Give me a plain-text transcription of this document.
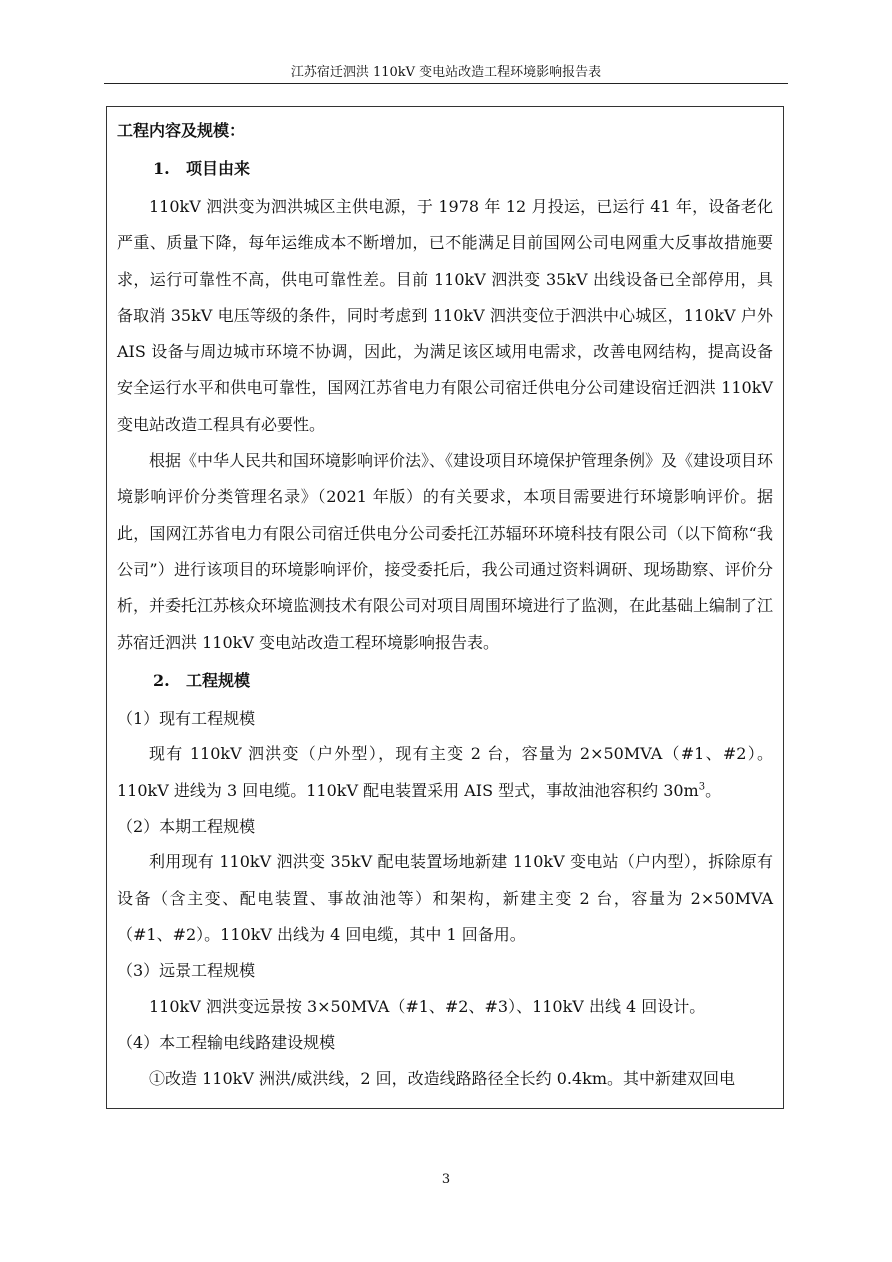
江苏宿迁泗洪 110kV 变电站改造工程环境影响报告表

工程内容及规模：

1. 项目由来

110kV 泗洪变为泗洪城区主供电源，于 1978 年 12 月投运，已运行 41 年，设备老化严重、质量下降，每年运维成本不断增加，已不能满足目前国网公司电网重大反事故措施要求，运行可靠性不高，供电可靠性差。目前 110kV 泗洪变 35kV 出线设备已全部停用，具备取消 35kV 电压等级的条件，同时考虑到 110kV 泗洪变位于泗洪中心城区，110kV 户外 AIS 设备与周边城市环境不协调，因此，为满足该区域用电需求，改善电网结构，提高设备安全运行水平和供电可靠性，国网江苏省电力有限公司宿迁供电分公司建设宿迁泗洪 110kV 变电站改造工程具有必要性。

根据《中华人民共和国环境影响评价法》、《建设项目环境保护管理条例》及《建设项目环境影响评价分类管理名录》（2021 年版）的有关要求，本项目需要进行环境影响评价。据此，国网江苏省电力有限公司宿迁供电分公司委托江苏辐环环境科技有限公司（以下简称“我公司”）进行该项目的环境影响评价，接受委托后，我公司通过资料调研、现场勘察、评价分析，并委托江苏核众环境监测技术有限公司对项目周围环境进行了监测，在此基础上编制了江苏宿迁泗洪 110kV 变电站改造工程环境影响报告表。

2. 工程规模

（1）现有工程规模

现有 110kV 泗洪变（户外型），现有主变 2 台，容量为 2×50MVA（#1、#2）。110kV 进线为 3 回电缆。110kV 配电装置采用 AIS 型式，事故油池容积约 $30m^3$。

（2）本期工程规模

利用现有 110kV 泗洪变 35kV 配电装置场地新建 110kV 变电站（户内型），拆除原有设备（含主变、配电装置、事故油池等）和架构，新建主变 2 台，容量为 2×50MVA（#1、#2）。110kV 出线为 4 回电缆，其中 1 回备用。

（3）远景工程规模

110kV 泗洪变远景按 3×50MVA（#1、#2、#3）、110kV 出线 4 回设计。

（4）本工程输电线路建设规模

①改造 110kV 洲洪/威洪线，2 回，改造线路路径全长约 0.4km。其中新建双回电

3
